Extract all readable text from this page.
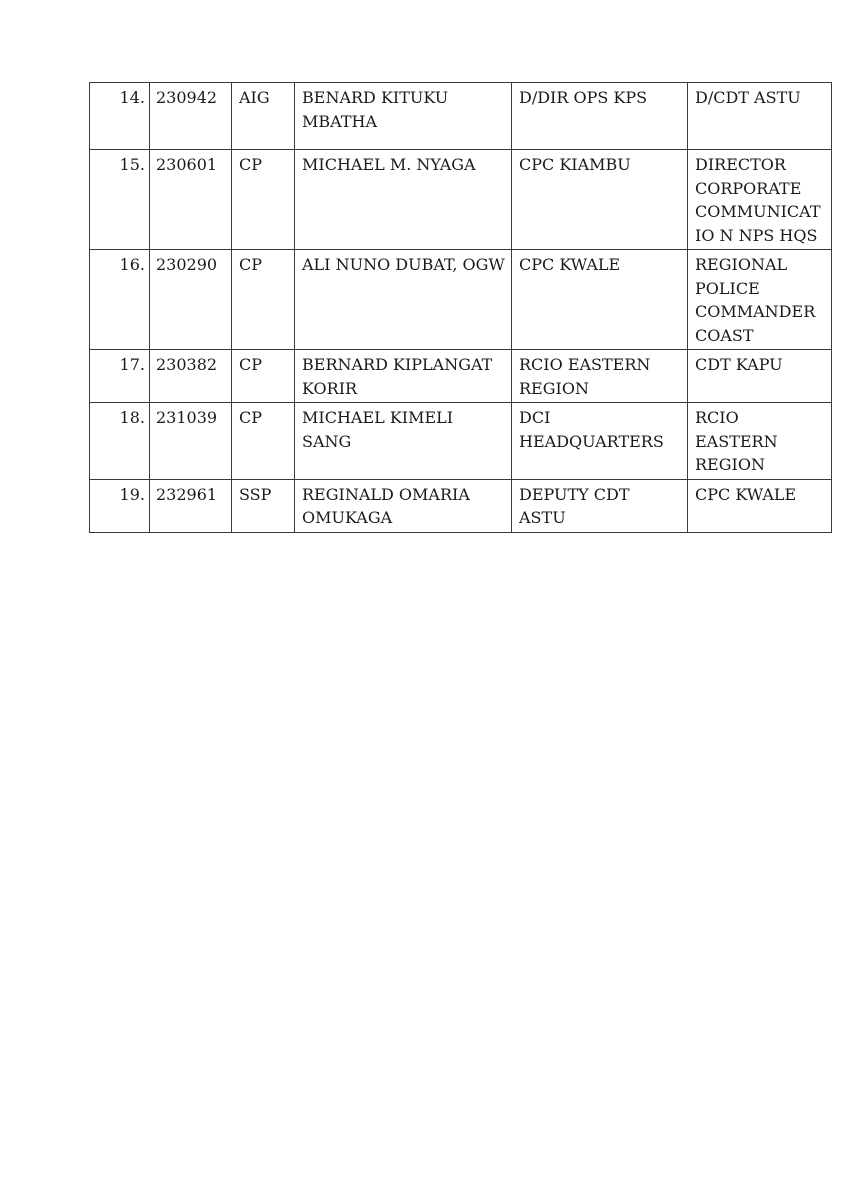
14.	230942	AIG	BENARD KITUKU MBATHA	D/DIR OPS KPS	D/CDT ASTU
15.	230601	CP	MICHAEL M. NYAGA	CPC KIAMBU	DIRECTOR CORPORATE COMMUNICATIO N NPS HQS
16.	230290	CP	ALI NUNO DUBAT, OGW	CPC KWALE	REGIONAL POLICE COMMANDER COAST
17.	230382	CP	BERNARD KIPLANGAT KORIR	RCIO EASTERN REGION	CDT KAPU
18.	231039	CP	MICHAEL KIMELI SANG	DCI HEADQUARTERS	RCIO EASTERN REGION
19.	232961	SSP	REGINALD OMARIA OMUKAGA	DEPUTY CDT ASTU	CPC KWALE
